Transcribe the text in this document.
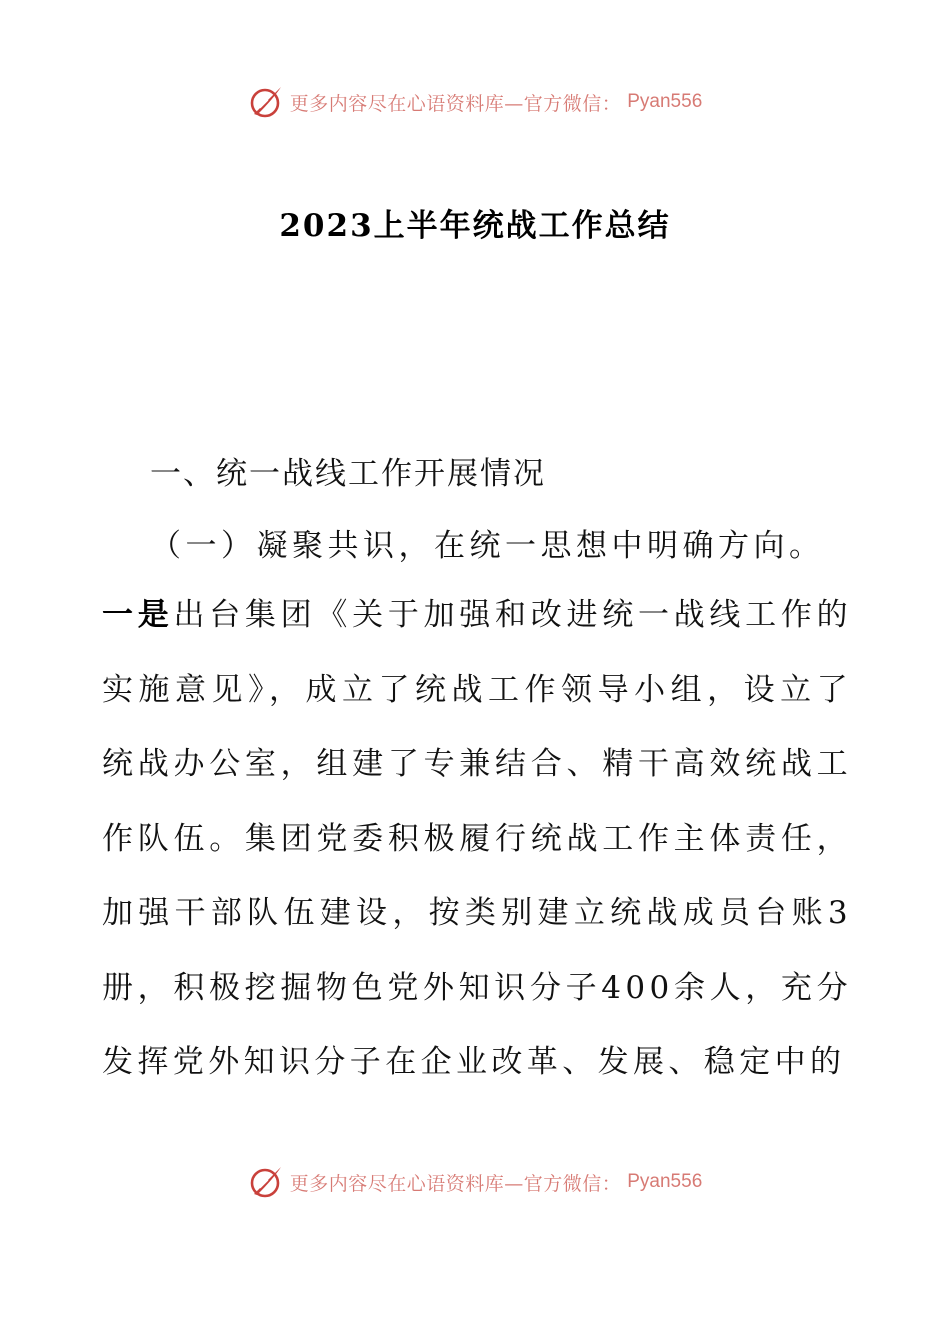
更多内容尽在心语资料库—官方微信： Pyan556
2023上半年统战工作总结
一、统一战线工作开展情况
（一）凝聚共识，在统一思想中明确方向。
一是出台集团《关于加强和改进统一战线工作的实施意见》，成立了统战工作领导小组，设立了统战办公室，组建了专兼结合、精干高效统战工作队伍。集团党委积极履行统战工作主体责任，加强干部队伍建设，按类别建立统战成员台账3册，积极挖掘物色党外知识分子400余人，充分发挥党外知识分子在企业改革、发展、稳定中的
更多内容尽在心语资料库—官方微信： Pyan556
